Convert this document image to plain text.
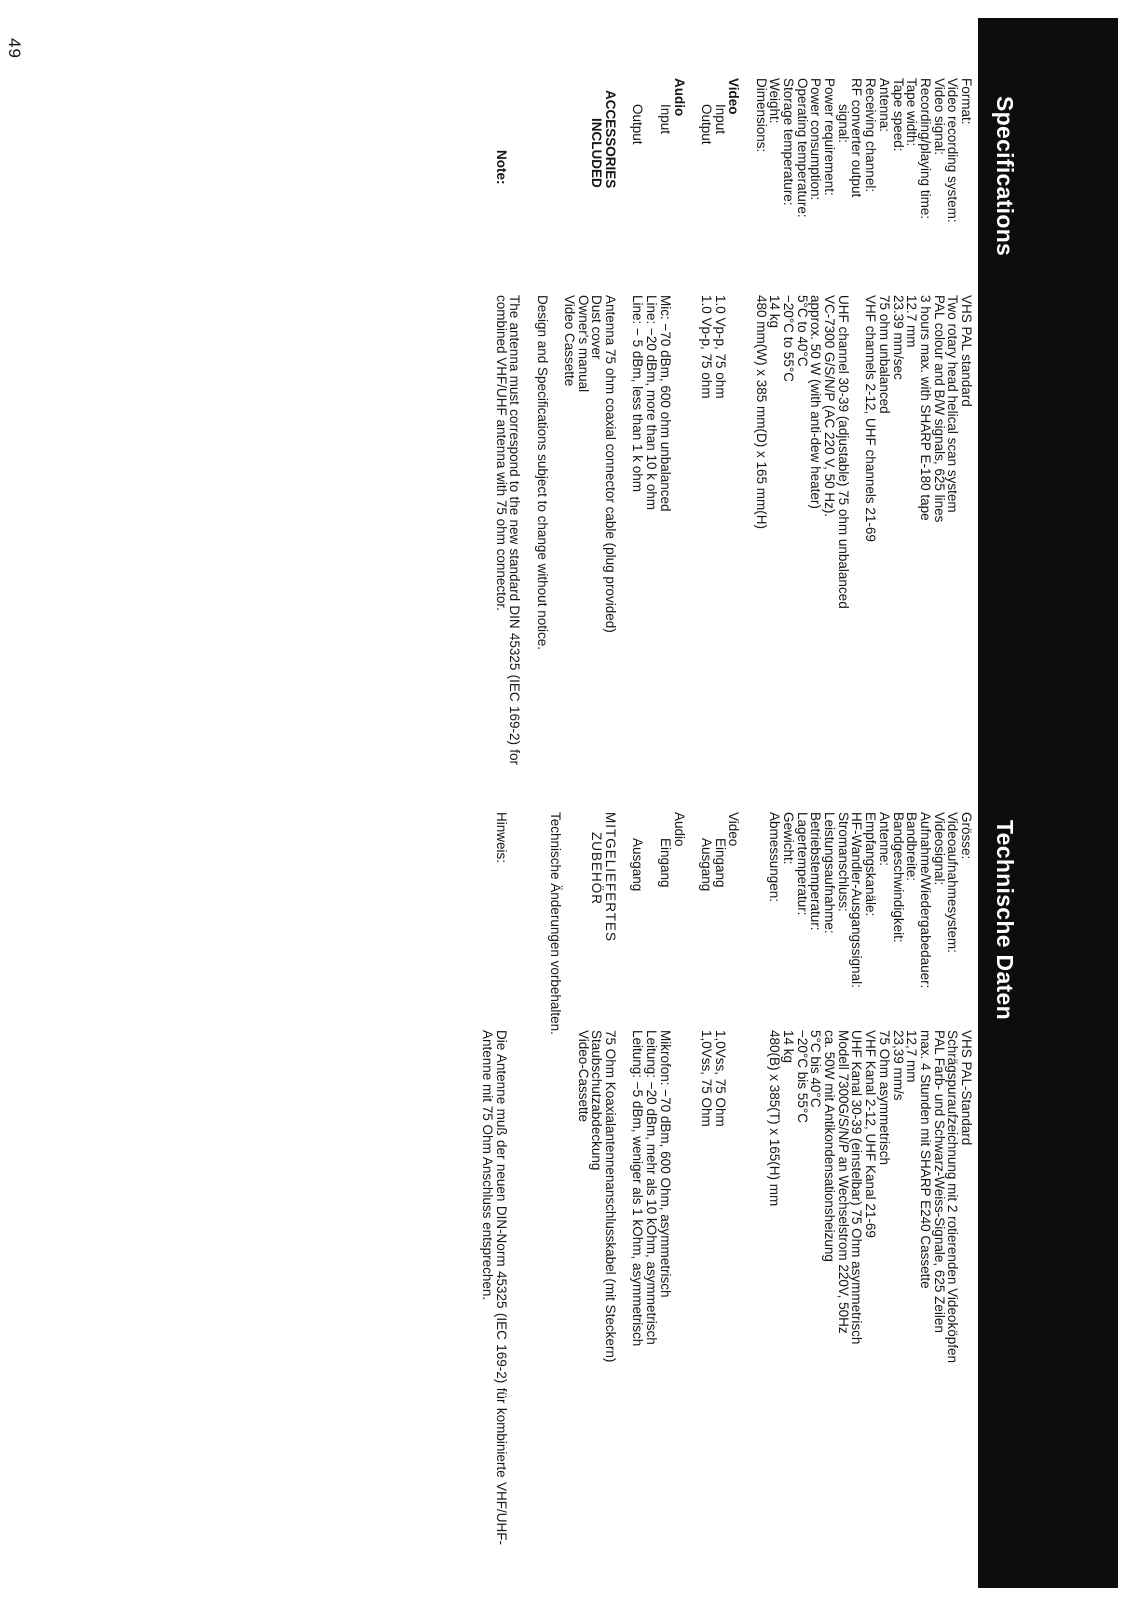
49
Specifications
Format:
Video recording system:
Video signal:
Recording/playing time:
Tape width:
Tape speed:
Antenna:
Receiving channel:
RF converter output
signal:
Power requirement:
Power consumption:
Operating temperature:
Storage temperature:
Weight:
Dimensions:
Video
Input
Output
Audio
Input
Output
ACCESSORIES
INCLUDED
Note:
VHS PAL standard
Two rotary head helical scan system
PAL colour and B/W signals, 625 lines
3 hours max. with SHARP E-180 tape
12.7 mm
23.39 mm/sec
75 ohm unbalanced
VHF channels 2-12, UHF channels 21-69
UHF channel 30-39 (adjustable) 75 ohm unbalanced
VC-7300 G/S/N/P (AC 220 V, 50 Hz).
approx. 50 W (with anti-dew heater)
5°C to 40°C
−20°C to 55°C
14 kg
480 mm(W) x 385 mm(D) x 165 mm(H)
1.0 Vp-p, 75 ohm
1.0 Vp-p, 75 ohm
Mic: −70 dBm, 600 ohm unbalanced
Line: −20 dBm, more than 10 k ohm
Line: − 5 dBm, less than 1 k ohm
Antenna 75 ohm coaxial connector cable (plug provided)
Dust cover
Owner's manual
Video Cassette
Design and Specifications subject to change without notice.
The antenna must correspond to the new standard DIN 45325 (IEC 169-2) for combined VHF/UHF antenna with 75 ohm connector.
Technische Daten
Grösse:
Videoaufnahmesystem:
Videosignal:
Aufnahme/Wiedergabedauer:
Bandbreite:
Bandgeschwindigkeit:
Antenne:
Empfangskanäle:
HF-Wandler-Ausgangssignal:
Stromanschluss:
Leistungsaufnahme:
Betriebstemperatur:
Lagertemperatur:
Gewicht:
Abmessungen:
Video
Eingang
Ausgang
Audio
Eingang
Ausgang
MITGELIEFERTES
ZUBEHÖR
Technische Änderungen vorbehalten.
Hinweis:
VHS PAL-Standard
Schrägspuraufzeichnung mit 2 rotierenden Videoköpfen
PAL Farb- und Schwarz-Weiss-Signale, 625 Zeilen
max. 4 Stunden mit SHARP E240 Cassette
12,7 mm
23,39 mm/s
75 Ohm asymmetrisch
VHF Kanal 2-12, UHF Kanal 21-69
UHF Kanal 30-39 (einstelbar) 75 Ohm asymmetrisch
Modell 7300G/S/N/P an Wechselstrom 220V, 50Hz
ca. 50W mit Antikondensationsheizung
5°C bis 40°C
−20°C bis 55°C
14 kg
480(B) x 385(T) x 165(H) mm
1,0Vss, 75 Ohm
1,0Vss, 75 Ohm
Mikrofon: −70 dBm, 600 Ohm, asymmetrisch
Leitung: −20 dBm, mehr als 10 kOhm, asymmetrisch
Leitung: −5 dBm, weniger als 1 kOhm, asymmetrisch
75 Ohm Koaxialantennenanschlusskabel (mit Steckern)
Staubschutzabdeckung
Video-Cassette
Die Antenne muß der neuen DIN-Norm 45325 (IEC 169-2) für kombinierte VHF/UHF-Antenne mit 75 Ohm Anschluss entsprechen.
